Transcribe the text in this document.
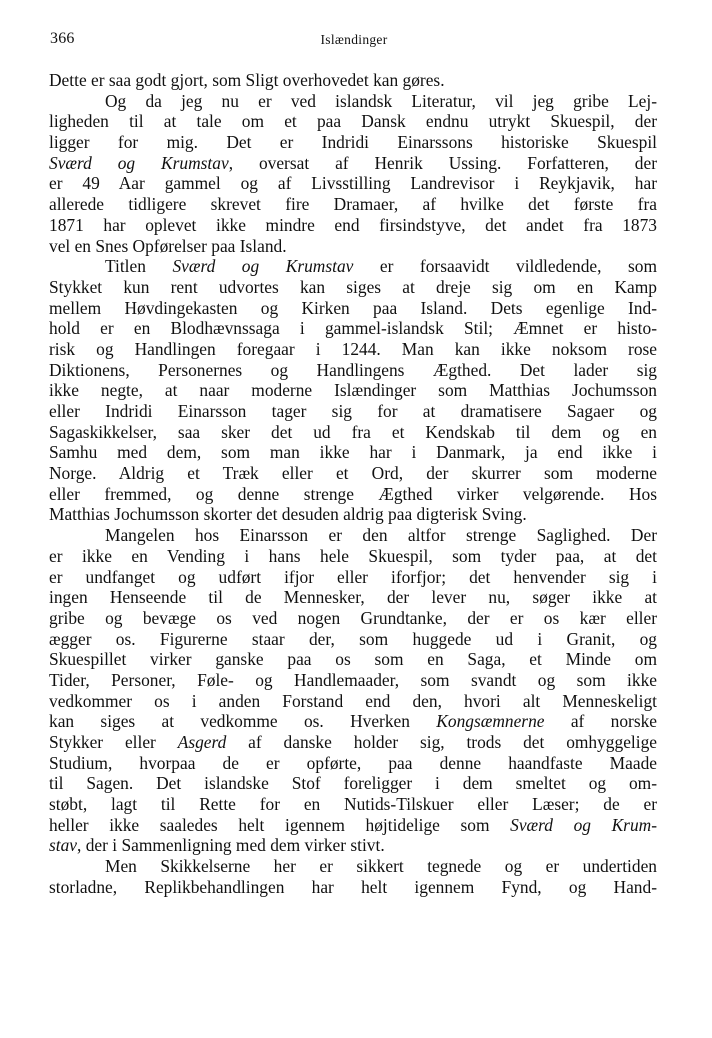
366	Islændinger
Dette er saa godt gjort, som Sligt overhovedet kan gøres.
Og da jeg nu er ved islandsk Literatur, vil jeg gribe Lej-
ligheden til at tale om et paa Dansk endnu utrykt Skuespil, der
ligger for mig. Det er Indridi Einarssons historiske Skuespil
Sværd og Krumstav, oversat af Henrik Ussing. Forfatteren, der
er 49 Aar gammel og af Livsstilling Landrevisor i Reykjavik, har
allerede tidligere skrevet fire Dramaer, af hvilke det første fra
1871 har oplevet ikke mindre end firsindstyve, det andet fra 1873
vel en Snes Opførelser paa Island.
Titlen Sværd og Krumstav er forsaavidt vildledende, som
Stykket kun rent udvortes kan siges at dreje sig om en Kamp
mellem Høvdingekasten og Kirken paa Island. Dets egenlige Ind-
hold er en Blodhævnssaga i gammel-islandsk Stil; Æmnet er histo-
risk og Handlingen foregaar i 1244. Man kan ikke noksom rose
Diktionens, Personernes og Handlingens Ægthed. Det lader sig
ikke negte, at naar moderne Islændinger som Matthias Jochumsson
eller Indridi Einarsson tager sig for at dramatisere Sagaer og
Sagaskikkelser, saa sker det ud fra et Kendskab til dem og en
Samhu med dem, som man ikke har i Danmark, ja end ikke i
Norge. Aldrig et Træk eller et Ord, der skurrer som moderne
eller fremmed, og denne strenge Ægthed virker velgørende. Hos
Matthias Jochumsson skorter det desuden aldrig paa digterisk Sving.
Mangelen hos Einarsson er den altfor strenge Saglighed. Der
er ikke en Vending i hans hele Skuespil, som tyder paa, at det
er undfanget og udført ifjor eller iforfjor; det henvender sig i
ingen Henseende til de Mennesker, der lever nu, søger ikke at
gribe og bevæge os ved nogen Grundtanke, der er os kær eller
ægger os. Figurerne staar der, som huggede ud i Granit, og
Skuespillet virker ganske paa os som en Saga, et Minde om
Tider, Personer, Føle- og Handlemaader, som svandt og som ikke
vedkommer os i anden Forstand end den, hvori alt Menneskeligt
kan siges at vedkomme os. Hverken Kongsæmnerne af norske
Stykker eller Asgerd af danske holder sig, trods det omhyggelige
Studium, hvorpaa de er opførte, paa denne haandfaste Maade
til Sagen. Det islandske Stof foreligger i dem smeltet og om-
støbt, lagt til Rette for en Nutids-Tilskuer eller Læser; de er
heller ikke saaledes helt igennem højtidelige som Sværd og Krum-
stav, der i Sammenligning med dem virker stivt.
Men Skikkelserne her er sikkert tegnede og er undertiden
storladne, Replikbehandlingen har helt igennem Fynd, og Hand-
